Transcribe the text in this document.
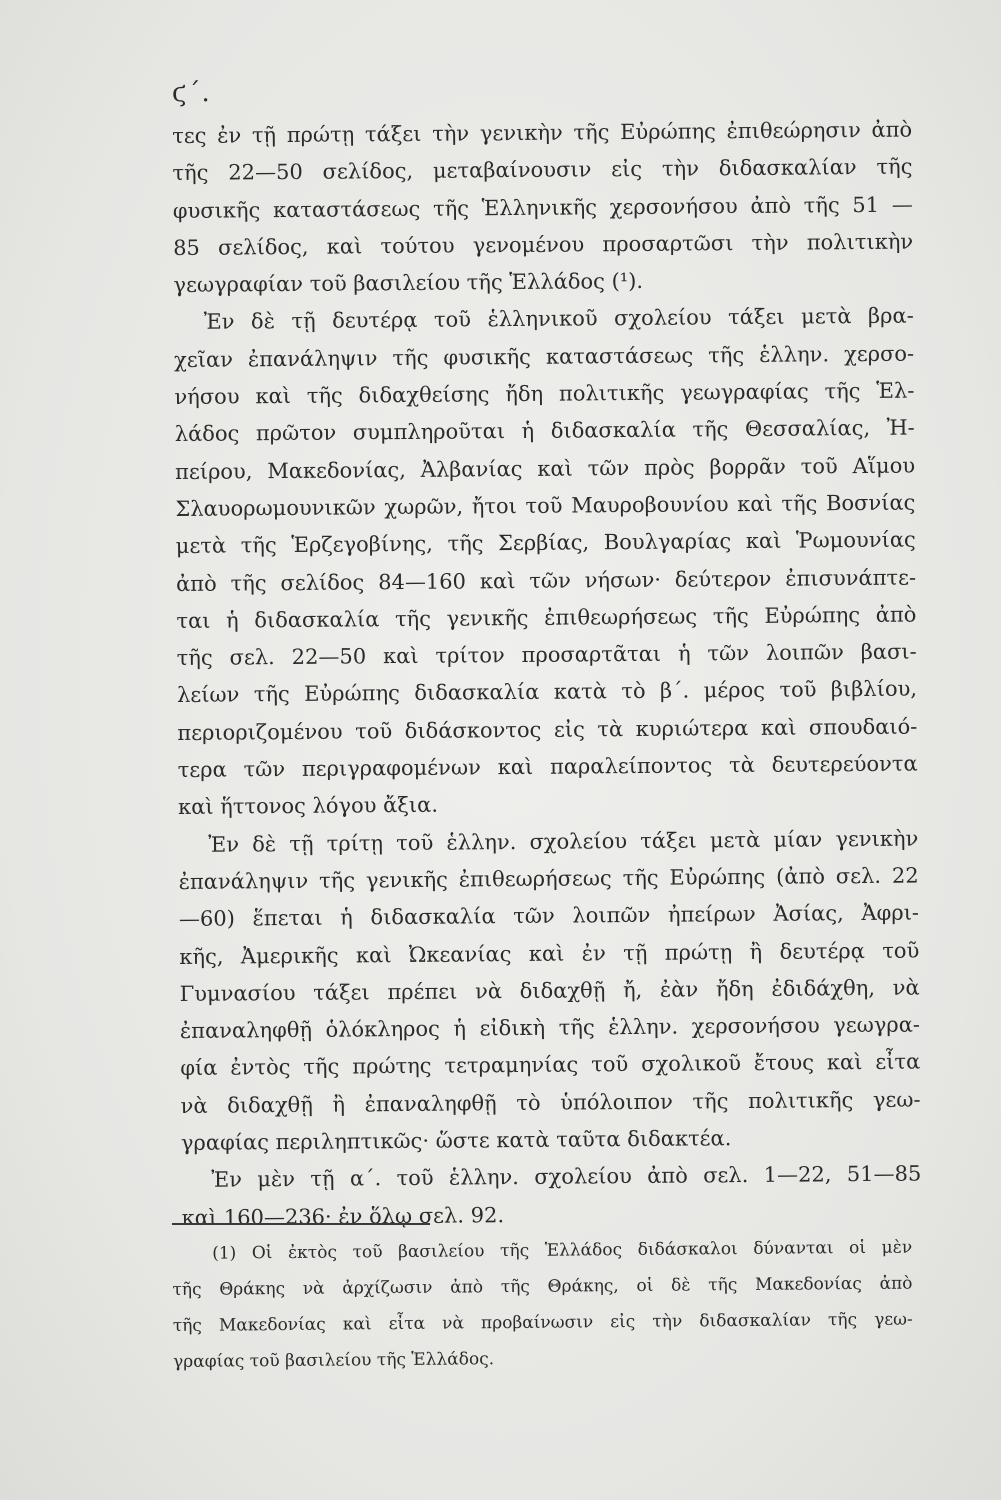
ϛ΄.
τες ἐν τῇ πρώτῃ τάξει τὴν γενικὴν τῆς Εὐρώπης ἐπιθεώρησιν ἀπὸ
τῆς 22—50 σελίδος, μεταβαίνουσιν εἰς τὴν διδασκαλίαν τῆς
φυσικῆς καταστάσεως τῆς Ἑλληνικῆς χερσονήσου ἀπὸ τῆς 51 —
85 σελίδος, καὶ τούτου γενομένου προσαρτῶσι τὴν πολιτικὴν
γεωγραφίαν τοῦ βασιλείου τῆς Ἑλλάδος (¹).
Ἐν δὲ τῇ δευτέρᾳ τοῦ ἑλληνικοῦ σχολείου τάξει μετὰ βρα-
χεῖαν ἐπανάληψιν τῆς φυσικῆς καταστάσεως τῆς ἑλλην. χερσο-
νήσου καὶ τῆς διδαχθείσης ἤδη πολιτικῆς γεωγραφίας τῆς Ἑλ-
λάδος πρῶτον συμπληροῦται ἡ διδασκαλία τῆς Θεσσαλίας, Ἠ-
πείρου, Μακεδονίας, Ἀλβανίας καὶ τῶν πρὸς βορρᾶν τοῦ Αἵμου
Σλαυορωμουνικῶν χωρῶν, ἤτοι τοῦ Μαυροβουνίου καὶ τῆς Βοσνίας
μετὰ τῆς Ἑρζεγοβίνης, τῆς Σερβίας, Βουλγαρίας καὶ Ῥωμουνίας
ἀπὸ τῆς σελίδος 84—160 καὶ τῶν νήσων· δεύτερον ἐπισυνάπτε-
ται ἡ διδασκαλία τῆς γενικῆς ἐπιθεωρήσεως τῆς Εὐρώπης ἀπὸ
τῆς σελ. 22—50 καὶ τρίτον προσαρτᾶται ἡ τῶν λοιπῶν βασι-
λείων τῆς Εὐρώπης διδασκαλία κατὰ τὸ β΄. μέρος τοῦ βιβλίου,
περιοριζομένου τοῦ διδάσκοντος εἰς τὰ κυριώτερα καὶ σπουδαιό-
τερα τῶν περιγραφομένων καὶ παραλείποντος τὰ δευτερεύοντα
καὶ ἥττονος λόγου ἄξια.
Ἐν δὲ τῇ τρίτῃ τοῦ ἑλλην. σχολείου τάξει μετὰ μίαν γενικὴν
ἐπανάληψιν τῆς γενικῆς ἐπιθεωρήσεως τῆς Εὐρώπης (ἀπὸ σελ. 22
—60) ἕπεται ἡ διδασκαλία τῶν λοιπῶν ἠπείρων Ἀσίας, Ἀφρι-
κῆς, Ἀμερικῆς καὶ Ὠκεανίας καὶ ἐν τῇ πρώτῃ ἢ δευτέρᾳ τοῦ
Γυμνασίου τάξει πρέπει νὰ διδαχθῇ ἤ, ἐὰν ἤδη ἐδιδάχθη, νὰ
ἐπαναληφθῇ ὁλόκληρος ἡ εἰδικὴ τῆς ἑλλην. χερσονήσου γεωγρα-
φία ἐντὸς τῆς πρώτης τετραμηνίας τοῦ σχολικοῦ ἔτους καὶ εἶτα
νὰ διδαχθῇ ἢ ἐπαναληφθῇ τὸ ὑπόλοιπον τῆς πολιτικῆς γεω-
γραφίας περιληπτικῶς· ὥστε κατὰ ταῦτα διδακτέα.
Ἐν μὲν τῇ α΄. τοῦ ἑλλην. σχολείου ἀπὸ σελ. 1—22, 51—85
καὶ 160—236· ἐν ὅλῳ σελ. 92.
(1) Οἱ ἐκτὸς τοῦ βασιλείου τῆς Ἑλλάδος διδάσκαλοι δύνανται οἱ μὲν
τῆς Θράκης νὰ ἀρχίζωσιν ἀπὸ τῆς Θράκης, οἱ δὲ τῆς Μακεδονίας ἀπὸ
τῆς Μακεδονίας καὶ εἶτα νὰ προβαίνωσιν εἰς τὴν διδασκαλίαν τῆς γεω-
γραφίας τοῦ βασιλείου τῆς Ἑλλάδος.
